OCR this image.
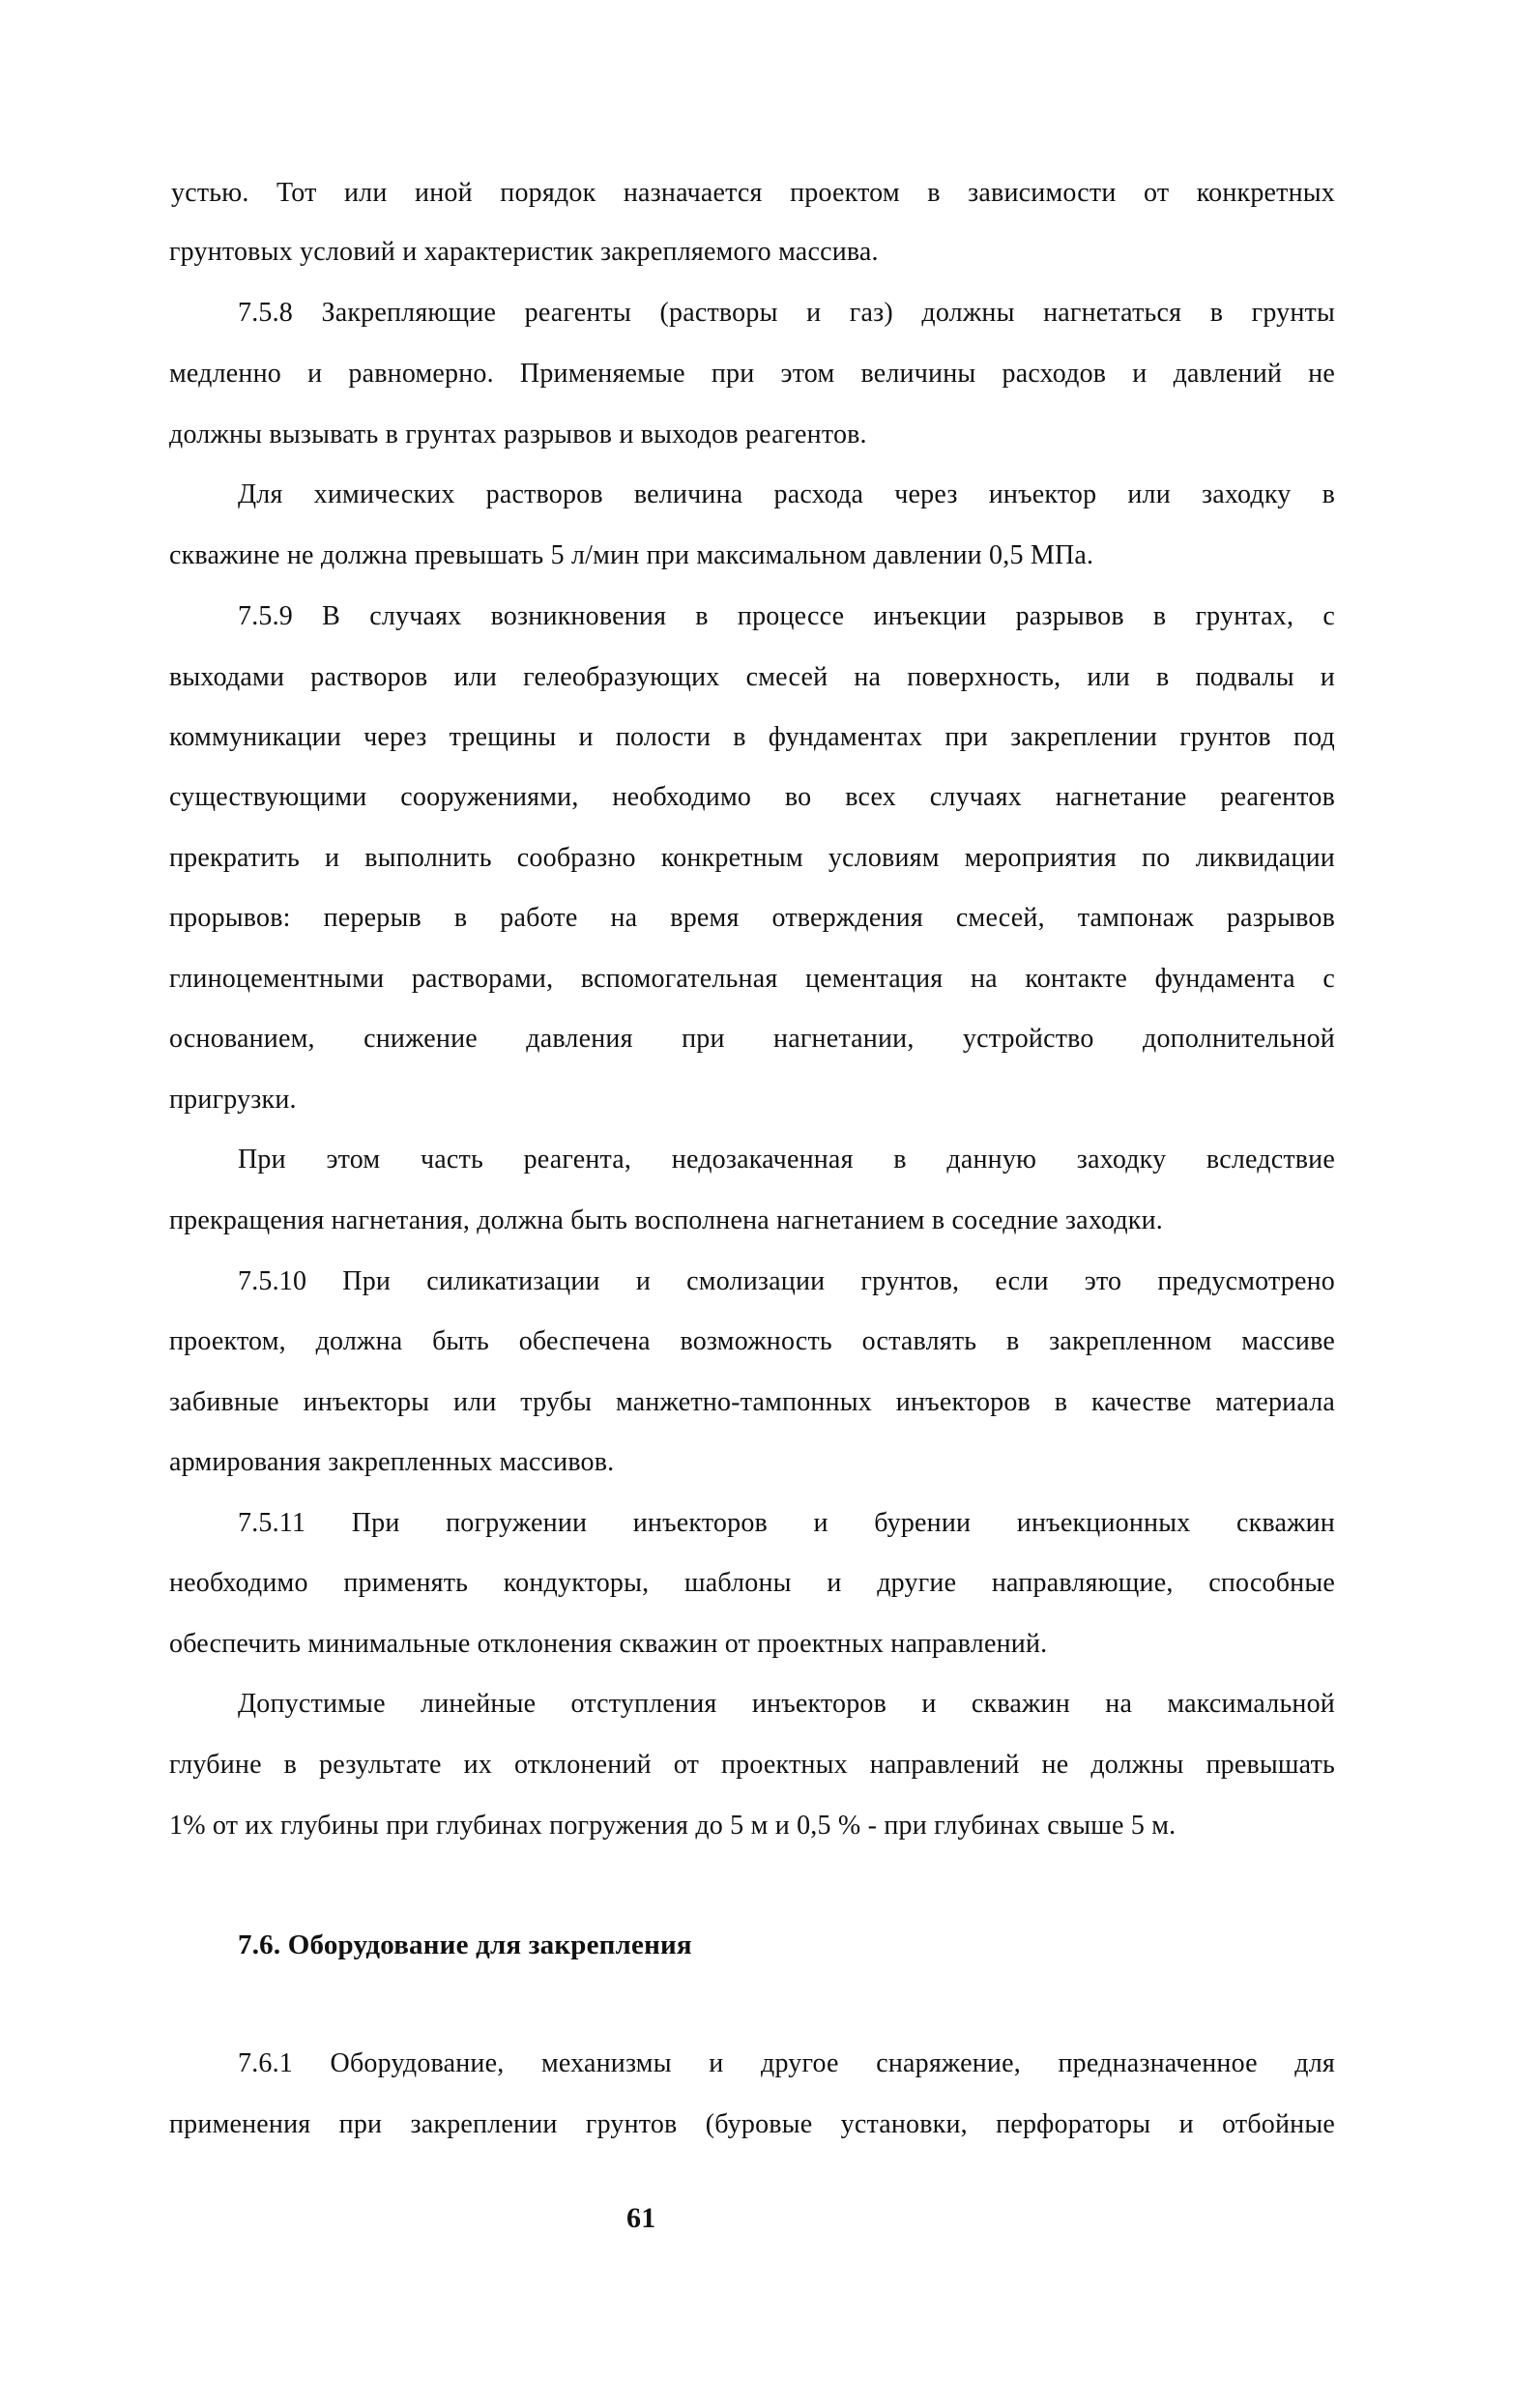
устью. Тот или иной порядок назначается проектом в зависимости от конкретных
грунтовых условий и характеристик закрепляемого массива.
7.5.8 Закрепляющие реагенты (растворы и газ) должны нагнетаться в грунты
медленно и равномерно. Применяемые при этом величины расходов и давлений не
должны вызывать в грунтах разрывов и выходов реагентов.
Для химических растворов величина расхода через инъектор или заходку в
скважине не должна превышать 5 л/мин при максимальном давлении 0,5 МПа.
7.5.9 В случаях возникновения в процессе инъекции разрывов в грунтах, с
выходами растворов или гелеобразующих смесей на поверхность, или в подвалы и
коммуникации через трещины и полости в фундаментах при закреплении грунтов под
существующими сооружениями, необходимо во всех случаях нагнетание реагентов
прекратить и выполнить сообразно конкретным условиям мероприятия по ликвидации
прорывов: перерыв в работе на время отверждения смесей, тампонаж разрывов
глиноцементными растворами, вспомогательная цементация на контакте фундамента с
основанием, снижение давления при нагнетании, устройство дополнительной
пригрузки.
При этом часть реагента, недозакаченная в данную заходку вследствие
прекращения нагнетания, должна быть восполнена нагнетанием в соседние заходки.
7.5.10 При силикатизации и смолизации грунтов, если это предусмотрено
проектом, должна быть обеспечена возможность оставлять в закрепленном массиве
забивные инъекторы или трубы манжетно-тампонных инъекторов в качестве материала
армирования закрепленных массивов.
7.5.11 При погружении инъекторов и бурении инъекционных скважин
необходимо применять кондукторы, шаблоны и другие направляющие, способные
обеспечить минимальные отклонения скважин от проектных направлений.
Допустимые линейные отступления инъекторов и скважин на максимальной
глубине в результате их отклонений от проектных направлений не должны превышать
1% от их глубины при глубинах погружения до 5 м и 0,5 % - при глубинах свыше 5 м.
7.6. Оборудование для закрепления
7.6.1 Оборудование, механизмы и другое снаряжение, предназначенное для
применения при закреплении грунтов (буровые установки, перфораторы и отбойные
61
